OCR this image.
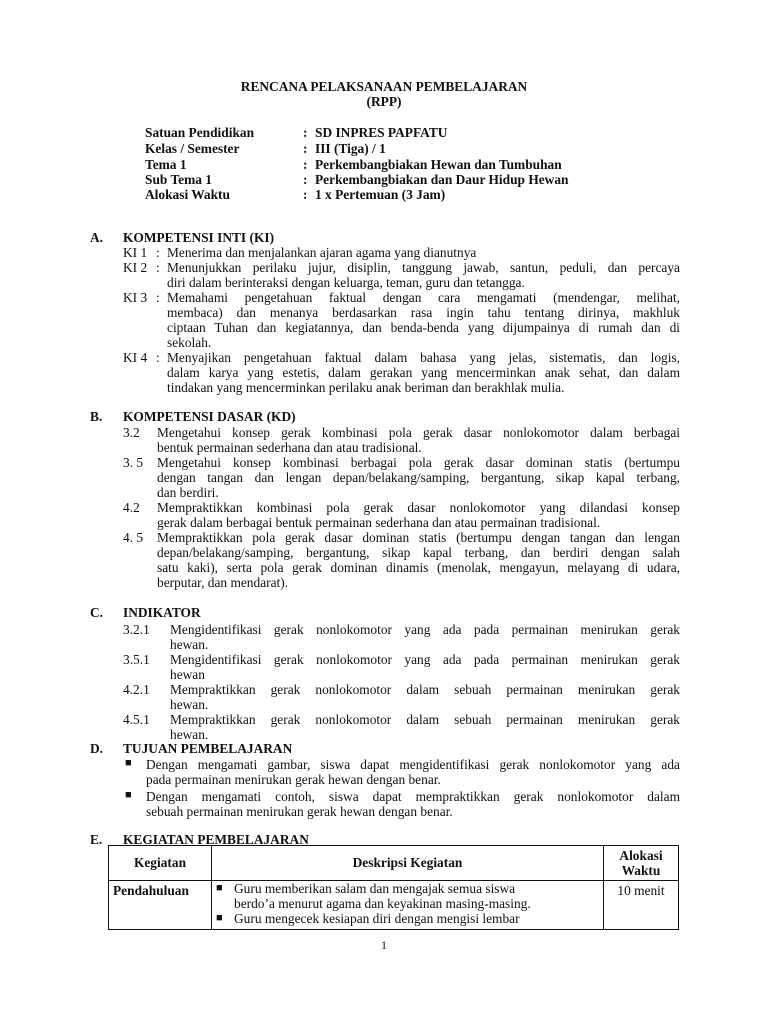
RENCANA PELAKSANAAN PEMBELAJARAN
(RPP)
Satuan Pendidikan	: SD INPRES PAPFATU
Kelas / Semester	: III (Tiga) / 1
Tema 1	: Perkembangbiakan Hewan dan Tumbuhan
Sub Tema 1	: Perkembangbiakan dan Daur Hidup Hewan
Alokasi Waktu	: 1 x Pertemuan (3 Jam)
A. KOMPETENSI INTI (KI)
KI 1 : Menerima dan menjalankan ajaran agama yang dianutnya
KI 2 : Menunjukkan perilaku jujur, disiplin, tanggung jawab, santun, peduli, dan percaya
diri dalam berinteraksi dengan keluarga, teman, guru dan tetangga.
KI 3 : Memahami pengetahuan faktual dengan cara mengamati (mendengar, melihat,
membaca) dan menanya berdasarkan rasa ingin tahu tentang dirinya, makhluk
ciptaan Tuhan dan kegiatannya, dan benda-benda yang dijumpainya di rumah dan di
sekolah.
KI 4 : Menyajikan pengetahuan faktual dalam bahasa yang jelas, sistematis, dan logis,
dalam karya yang estetis, dalam gerakan yang mencerminkan anak sehat, dan dalam
tindakan yang mencerminkan perilaku anak beriman dan berakhlak mulia.
B. KOMPETENSI DASAR (KD)
3.2 Mengetahui konsep gerak kombinasi pola gerak dasar nonlokomotor dalam berbagai
bentuk permainan sederhana dan atau tradisional.
3. 5 Mengetahui konsep kombinasi berbagai pola gerak dasar dominan statis (bertumpu
dengan tangan dan lengan depan/belakang/samping, bergantung, sikap kapal terbang,
dan berdiri.
4.2 Mempraktikkan kombinasi pola gerak dasar nonlokomotor yang dilandasi konsep
gerak dalam berbagai bentuk permainan sederhana dan atau permainan tradisional.
4. 5 Mempraktikkan pola gerak dasar dominan statis (bertumpu dengan tangan dan lengan
depan/belakang/samping, bergantung, sikap kapal terbang, dan berdiri dengan salah
satu kaki), serta pola gerak dominan dinamis (menolak, mengayun, melayang di udara,
berputar, dan mendarat).
C. INDIKATOR
3.2.1 Mengidentifikasi gerak nonlokomotor yang ada pada permainan menirukan gerak
hewan.
3.5.1 Mengidentifikasi gerak nonlokomotor yang ada pada permainan menirukan gerak
hewan
4.2.1 Mempraktikkan gerak nonlokomotor dalam sebuah permainan menirukan gerak
hewan.
4.5.1 Mempraktikkan gerak nonlokomotor dalam sebuah permainan menirukan gerak
hewan.
D. TUJUAN PEMBELAJARAN
■ Dengan mengamati gambar, siswa dapat mengidentifikasi gerak nonlokomotor yang ada
pada permainan menirukan gerak hewan dengan benar.
■ Dengan mengamati contoh, siswa dapat mempraktikkan gerak nonlokomotor dalam
sebuah permainan menirukan gerak hewan dengan benar.
E. KEGIATAN PEMBELAJARAN
Kegiatan	Deskripsi Kegiatan	Alokasi Waktu
Pendahuluan	■ Guru memberikan salam dan mengajak semua siswa
berdo’a menurut agama dan keyakinan masing-masing.
■ Guru mengecek kesiapan diri dengan mengisi lembar	10 menit
1
